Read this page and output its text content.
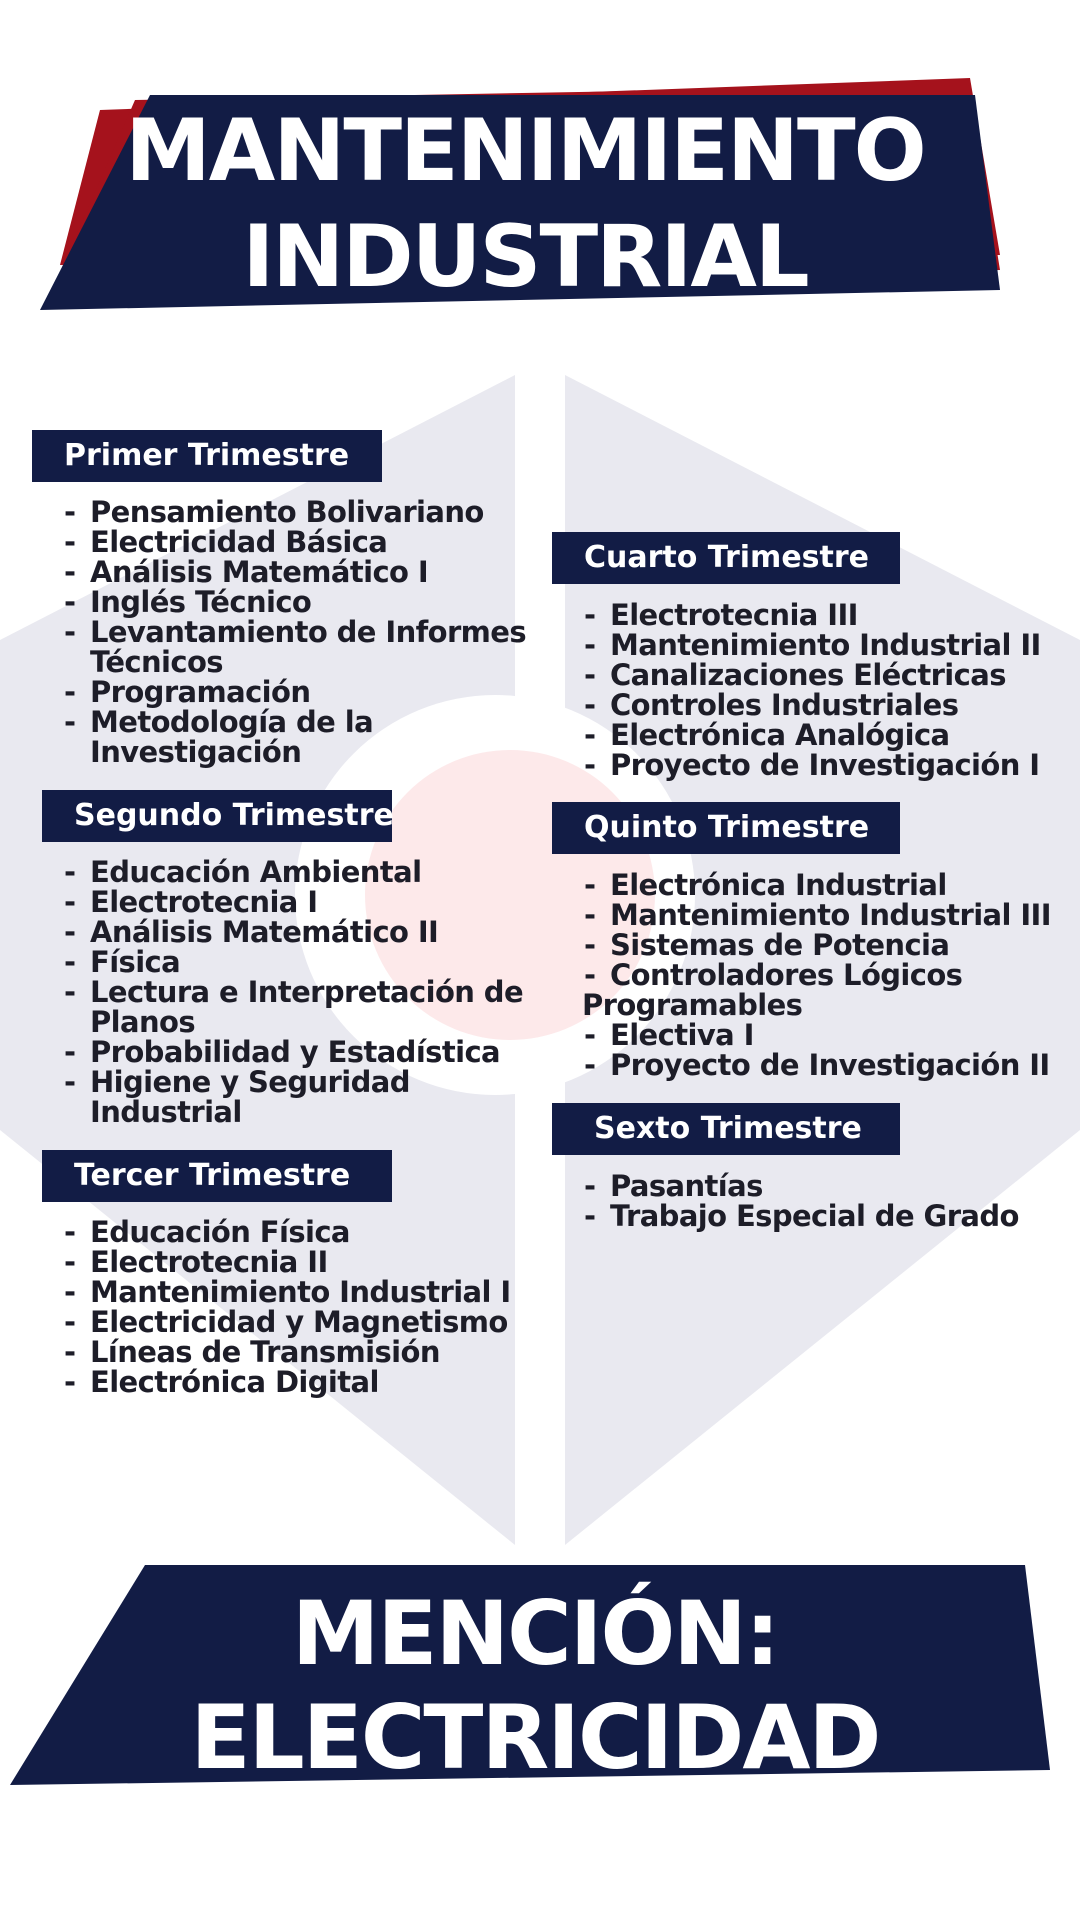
MANTENIMIENTO
INDUSTRIAL
Primer Trimestre
- Pensamiento Bolivariano
- Electricidad Básica
- Análisis Matemático I
- Inglés Técnico
- Levantamiento de Informes Técnicos
- Programación
- Metodología de la Investigación
Segundo Trimestre
- Educación Ambiental
- Electrotecnia I
- Análisis Matemático II
- Física
- Lectura e Interpretación de Planos
- Probabilidad y Estadística
- Higiene y Seguridad Industrial
Tercer Trimestre
- Educación Física
- Electrotecnia II
- Mantenimiento Industrial I
- Electricidad y Magnetismo
- Líneas de Transmisión
- Electrónica Digital
Cuarto Trimestre
- Electrotecnia III
- Mantenimiento Industrial II
- Canalizaciones Eléctricas
- Controles Industriales
- Electrónica Analógica
- Proyecto de Investigación I
Quinto Trimestre
- Electrónica Industrial
- Mantenimiento Industrial III
- Sistemas de Potencia
- Controladores Lógicos Programables
- Electiva I
- Proyecto de Investigación II
Sexto Trimestre
- Pasantías
- Trabajo Especial de Grado
MENCIÓN:
ELECTRICIDAD
